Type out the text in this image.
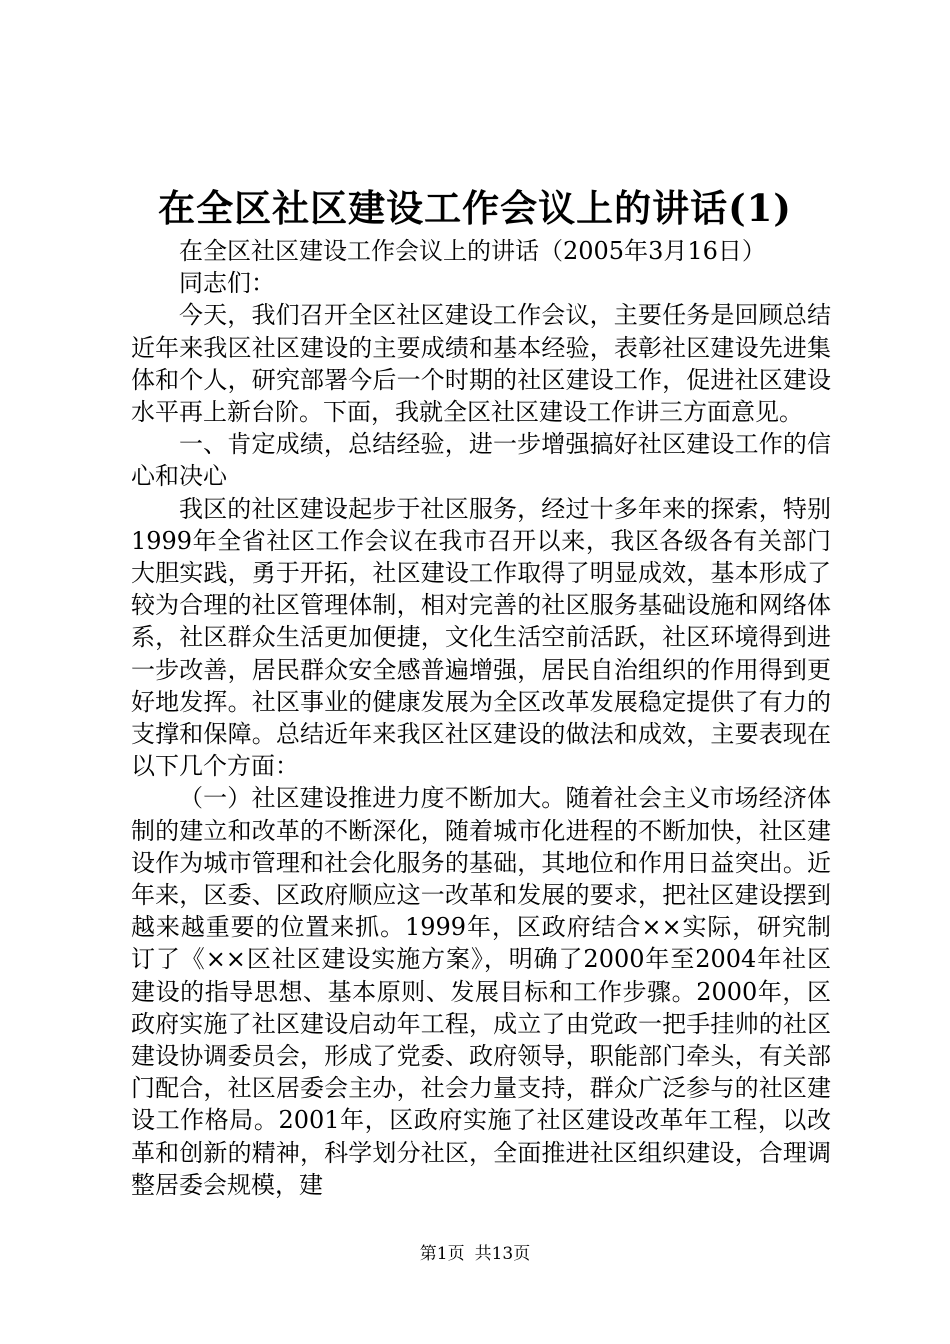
在全区社区建设工作会议上的讲话(1)

在全区社区建设工作会议上的讲话（2005年3月16日）

同志们：

今天，我们召开全区社区建设工作会议，主要任务是回顾总结近年来我区社区建设的主要成绩和基本经验，表彰社区建设先进集体和个人，研究部署今后一个时期的社区建设工作，促进社区建设水平再上新台阶。下面，我就全区社区建设工作讲三方面意见。

一、肯定成绩，总结经验，进一步增强搞好社区建设工作的信心和决心

我区的社区建设起步于社区服务，经过十多年来的探索，特别1999年全省社区工作会议在我市召开以来，我区各级各有关部门大胆实践，勇于开拓，社区建设工作取得了明显成效，基本形成了较为合理的社区管理体制，相对完善的社区服务基础设施和网络体系，社区群众生活更加便捷，文化生活空前活跃，社区环境得到进一步改善，居民群众安全感普遍增强，居民自治组织的作用得到更好地发挥。社区事业的健康发展为全区改革发展稳定提供了有力的支撑和保障。总结近年来我区社区建设的做法和成效，主要表现在以下几个方面：

（一）社区建设推进力度不断加大。随着社会主义市场经济体制的建立和改革的不断深化，随着城市化进程的不断加快，社区建设作为城市管理和社会化服务的基础，其地位和作用日益突出。近年来，区委、区政府顺应这一改革和发展的要求，把社区建设摆到越来越重要的位置来抓。1999年，区政府结合××实际，研究制订了《××区社区建设实施方案》，明确了2000年至2004年社区建设的指导思想、基本原则、发展目标和工作步骤。2000年，区政府实施了社区建设启动年工程，成立了由党政一把手挂帅的社区建设协调委员会，形成了党委、政府领导，职能部门牵头，有关部门配合，社区居委会主办，社会力量支持，群众广泛参与的社区建设工作格局。2001年，区政府实施了社区建设改革年工程，以改革和创新的精神，科学划分社区，全面推进社区组织建设，合理调整居委会规模，建

第1页 共13页
